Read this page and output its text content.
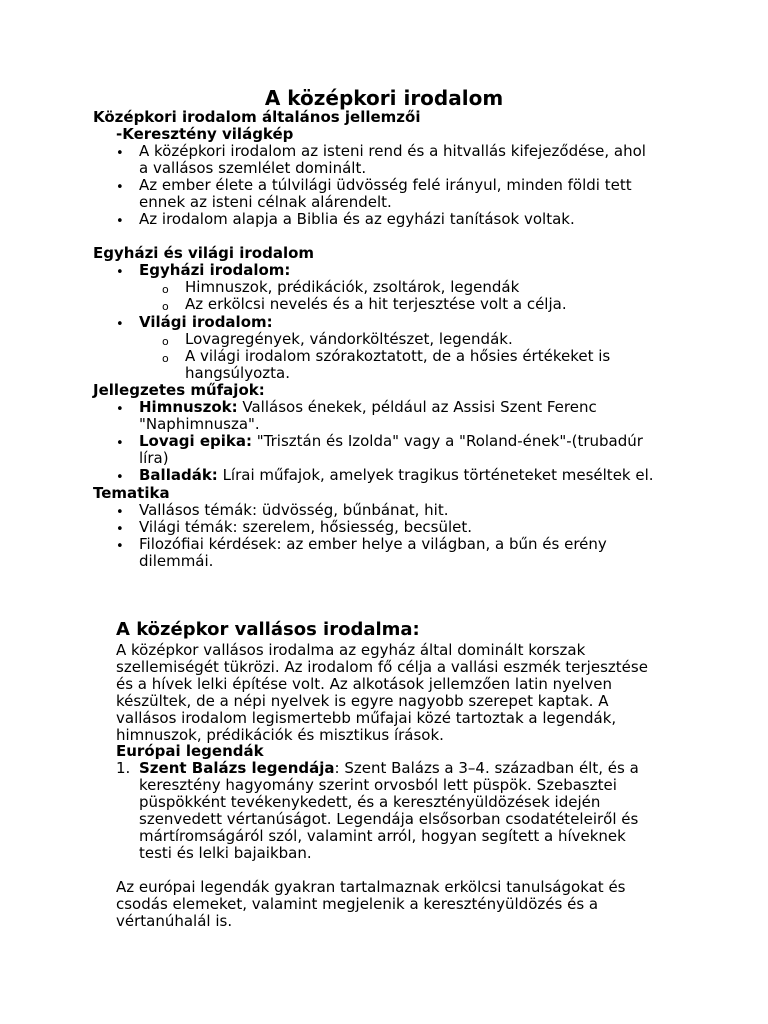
A középkori irodalom
Középkori irodalom általános jellemzői
-Keresztény világkép
• A középkori irodalom az isteni rend és a hitvallás kifejeződése, ahol
a vallásos szemlélet dominált.
• Az ember élete a túlvilági üdvösség felé irányul, minden földi tett
ennek az isteni célnak alárendelt.
• Az irodalom alapja a Biblia és az egyházi tanítások voltak.
Egyházi és világi irodalom
• Egyházi irodalom:
o Himnuszok, prédikációk, zsoltárok, legendák
o Az erkölcsi nevelés és a hit terjesztése volt a célja.
• Világi irodalom:
o Lovagregények, vándorköltészet, legendák.
o A világi irodalom szórakoztatott, de a hősies értékeket is
hangsúlyozta.
Jellegzetes műfajok:
• Himnuszok: Vallásos énekek, például az Assisi Szent Ferenc
"Naphimnusza".
• Lovagi epika: "Trisztán és Izolda" vagy a "Roland-ének"-(trubadúr
líra)
• Balladák: Lírai műfajok, amelyek tragikus történeteket meséltek el.
Tematika
• Vallásos témák: üdvösség, bűnbánat, hit.
• Világi témák: szerelem, hősiesség, becsület.
• Filozófiai kérdések: az ember helye a világban, a bűn és erény
dilemmái.
A középkor vallásos irodalma:
A középkor vallásos irodalma az egyház által dominált korszak
szellemiségét tükrözi. Az irodalom fő célja a vallási eszmék terjesztése
és a hívek lelki építése volt. Az alkotások jellemzően latin nyelven
készültek, de a népi nyelvek is egyre nagyobb szerepet kaptak. A
vallásos irodalom legismertebb műfajai közé tartoztak a legendák,
himnuszok, prédikációk és misztikus írások.
Európai legendák
1. Szent Balázs legendája: Szent Balázs a 3–4. században élt, és a
keresztény hagyomány szerint orvosból lett püspök. Szebasztei
püspökként tevékenykedett, és a keresztényüldözések idején
szenvedett vértanúságot. Legendája elsősorban csodatételeiről és
mártíromságáról szól, valamint arról, hogyan segített a híveknek
testi és lelki bajaikban.
Az európai legendák gyakran tartalmaznak erkölcsi tanulságokat és
csodás elemeket, valamint megjelenik a keresztényüldözés és a
vértanúhalál is.
